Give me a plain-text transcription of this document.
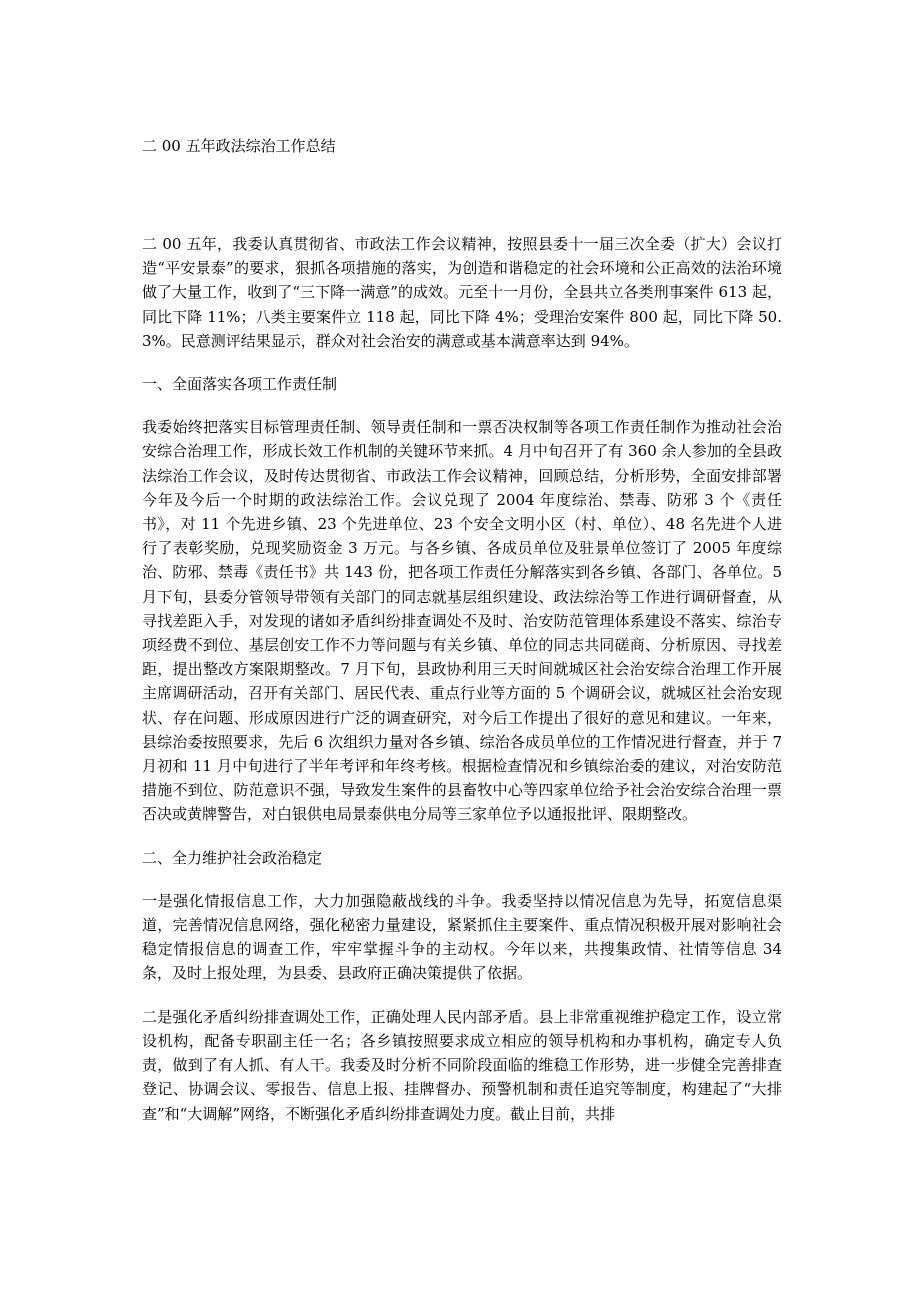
二 00 五年政法综治工作总结

二 00 五年，我委认真贯彻省、市政法工作会议精神，按照县委十一届三次全委（扩大）会议打造“平安景泰”的要求，狠抓各项措施的落实，为创造和谐稳定的社会环境和公正高效的法治环境做了大量工作，收到了“三下降一满意”的成效。元至十一月份，全县共立各类刑事案件 613 起，同比下降 11%；八类主要案件立 118 起，同比下降 4%；受理治安案件 800 起，同比下降 50.3%。民意测评结果显示，群众对社会治安的满意或基本满意率达到 94%。

一、全面落实各项工作责任制

我委始终把落实目标管理责任制、领导责任制和一票否决权制等各项工作责任制作为推动社会治安综合治理工作，形成长效工作机制的关键环节来抓。4 月中旬召开了有 360 余人参加的全县政法综治工作会议，及时传达贯彻省、市政法工作会议精神，回顾总结，分析形势，全面安排部署今年及今后一个时期的政法综治工作。会议兑现了 2004 年度综治、禁毒、防邪 3 个《责任书》，对 11 个先进乡镇、23 个先进单位、23 个安全文明小区（村、单位）、48 名先进个人进行了表彰奖励，兑现奖励资金 3 万元。与各乡镇、各成员单位及驻景单位签订了 2005 年度综治、防邪、禁毒《责任书》共 143 份，把各项工作责任分解落实到各乡镇、各部门、各单位。5 月下旬，县委分管领导带领有关部门的同志就基层组织建设、政法综治等工作进行调研督查，从寻找差距入手，对发现的诸如矛盾纠纷排查调处不及时、治安防范管理体系建设不落实、综治专项经费不到位、基层创安工作不力等问题与有关乡镇、单位的同志共同磋商、分析原因、寻找差距，提出整改方案限期整改。7 月下旬，县政协利用三天时间就城区社会治安综合治理工作开展主席调研活动，召开有关部门、居民代表、重点行业等方面的 5 个调研会议，就城区社会治安现状、存在问题、形成原因进行广泛的调查研究，对今后工作提出了很好的意见和建议。一年来，县综治委按照要求，先后 6 次组织力量对各乡镇、综治各成员单位的工作情况进行督查，并于 7 月初和 11 月中旬进行了半年考评和年终考核。根据检查情况和乡镇综治委的建议，对治安防范措施不到位、防范意识不强，导致发生案件的县畜牧中心等四家单位给予社会治安综合治理一票否决或黄牌警告，对白银供电局景泰供电分局等三家单位予以通报批评、限期整改。

二、全力维护社会政治稳定

一是强化情报信息工作，大力加强隐蔽战线的斗争。我委坚持以情况信息为先导，拓宽信息渠道，完善情况信息网络，强化秘密力量建设，紧紧抓住主要案件、重点情况积极开展对影响社会稳定情报信息的调查工作，牢牢掌握斗争的主动权。今年以来，共搜集政情、社情等信息 34 条，及时上报处理，为县委、县政府正确决策提供了依据。

二是强化矛盾纠纷排查调处工作，正确处理人民内部矛盾。县上非常重视维护稳定工作，设立常设机构，配备专职副主任一名；各乡镇按照要求成立相应的领导机构和办事机构，确定专人负责，做到了有人抓、有人干。我委及时分析不同阶段面临的维稳工作形势，进一步健全完善排查登记、协调会议、零报告、信息上报、挂牌督办、预警机制和责任追究等制度，构建起了“大排查”和“大调解”网络，不断强化矛盾纠纷排查调处力度。截止目前，共排
